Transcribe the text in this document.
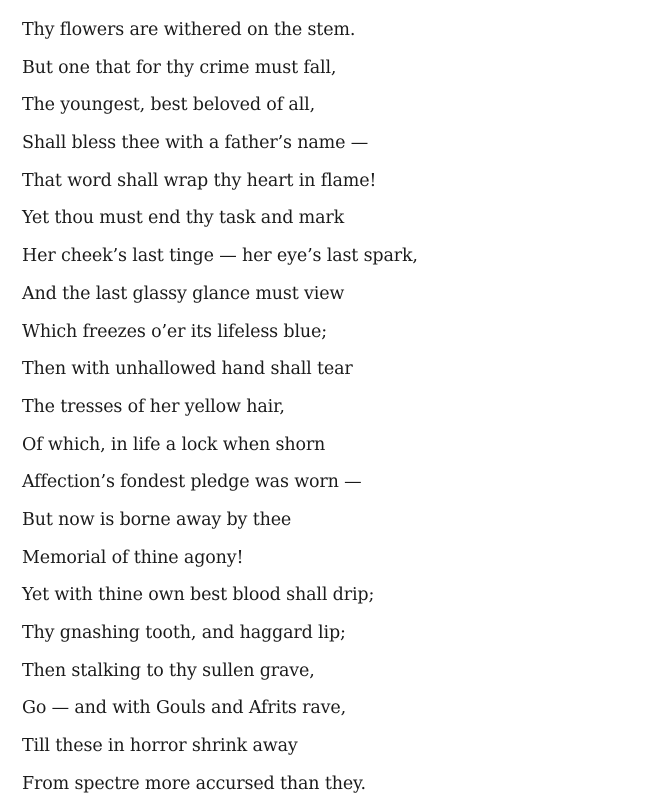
Thy flowers are withered on the stem.
But one that for thy crime must fall,
The youngest, best beloved of all,
Shall bless thee with a father’s name —
That word shall wrap thy heart in flame!
Yet thou must end thy task and mark
Her cheek’s last tinge — her eye’s last spark,
And the last glassy glance must view
Which freezes o’er its lifeless blue;
Then with unhallowed hand shall tear
The tresses of her yellow hair,
Of which, in life a lock when shorn
Affection’s fondest pledge was worn —
But now is borne away by thee
Memorial of thine agony!
Yet with thine own best blood shall drip;
Thy gnashing tooth, and haggard lip;
Then stalking to thy sullen grave,
Go — and with Gouls and Afrits rave,
Till these in horror shrink away
From spectre more accursed than they.
